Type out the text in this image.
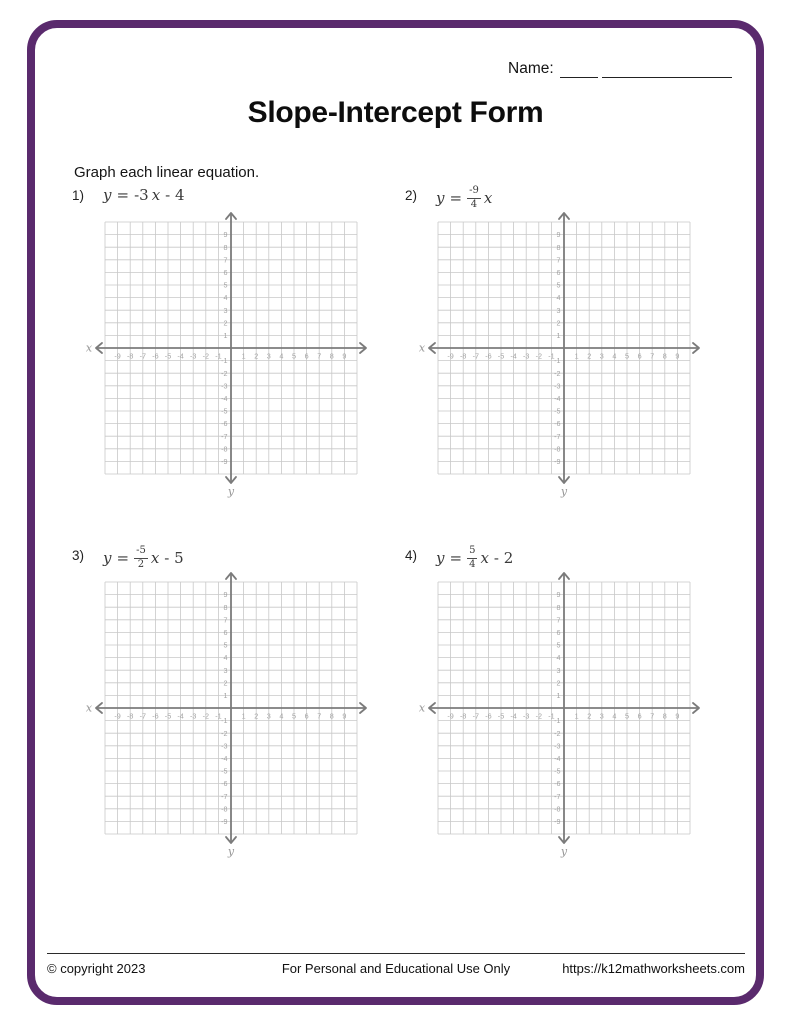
Name:
Slope-Intercept Form
Graph each linear equation.
1)	y = -3 x - 4
-9 -8 -7 -6 -5 -4 -3 -2 -1	1 2 3 4 5 6 7 8 9
-9
-8
-7
-6
-5
-4
-3
-2
-1
1
2
3
4
5
6
7
8
9
x
y
2)	$y = \frac{-9}{4}$ x
-9 -8 -7 -6 -5 -4 -3 -2 -1	1 2 3 4 5 6 7 8 9
-9
-8
-7
-6
-5
-4
-3
-2
-1
1
2
3
4
5
6
7
8
9
x
y
3)	$y = \frac{-5}{2}$ x - 5
-9 -8 -7 -6 -5 -4 -3 -2 -1	1 2 3 4 5 6 7 8 9
-9
-8
-7
-6
-5
-4
-3
-2
-1
1
2
3
4
5
6
7
8
9
x
y
4)	$y = \frac{5}{4}$ x - 2
-9 -8 -7 -6 -5 -4 -3 -2 -1	1 2 3 4 5 6 7 8 9
-9
-8
-7
-6
-5
-4
-3
-2
-1
1
2
3
4
5
6
7
8
9
x
y
© copyright 2023	For Personal and Educational Use Only	https://k12mathworksheets.com
